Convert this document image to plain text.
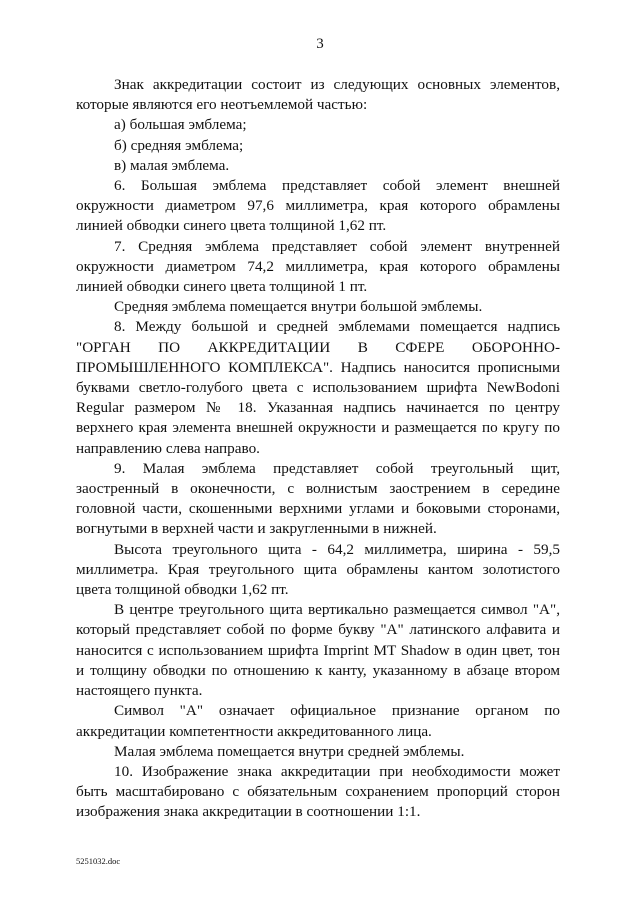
3

Знак аккредитации состоит из следующих основных элементов, которые являются его неотъемлемой частью:

а) большая эмблема;

б) средняя эмблема;

в) малая эмблема.

6. Большая эмблема представляет собой элемент внешней окружности диаметром 97,6 миллиметра, края которого обрамлены линией обводки синего цвета толщиной 1,62 пт.

7. Средняя эмблема представляет собой элемент внутренней окружности диаметром 74,2 миллиметра, края которого обрамлены линией обводки синего цвета толщиной 1 пт.

Средняя эмблема помещается внутри большой эмблемы.

8. Между большой и средней эмблемами помещается надпись "ОРГАН ПО АККРЕДИТАЦИИ В СФЕРЕ ОБОРОННО-ПРОМЫШЛЕННОГО КОМПЛЕКСА". Надпись наносится прописными буквами светло-голубого цвета с использованием шрифта NewBodoni Regular размером № 18. Указанная надпись начинается по центру верхнего края элемента внешней окружности и размещается по кругу по направлению слева направо.

9. Малая эмблема представляет собой треугольный щит, заостренный в оконечности, с волнистым заострением в середине головной части, скошенными верхними углами и боковыми сторонами, вогнутыми в верхней части и закругленными в нижней.

Высота треугольного щита - 64,2 миллиметра, ширина - 59,5 миллиметра. Края треугольного щита обрамлены кантом золотистого цвета толщиной обводки 1,62 пт.

В центре треугольного щита вертикально размещается символ "А", который представляет собой по форме букву "А" латинского алфавита и наносится с использованием шрифта Imprint MT Shadow в один цвет, тон и толщину обводки по отношению к канту, указанному в абзаце втором настоящего пункта.

Символ "А" означает официальное признание органом по аккредитации компетентности аккредитованного лица.

Малая эмблема помещается внутри средней эмблемы.

10. Изображение знака аккредитации при необходимости может быть масштабировано с обязательным сохранением пропорций сторон изображения знака аккредитации в соотношении 1:1.

5251032.doc
